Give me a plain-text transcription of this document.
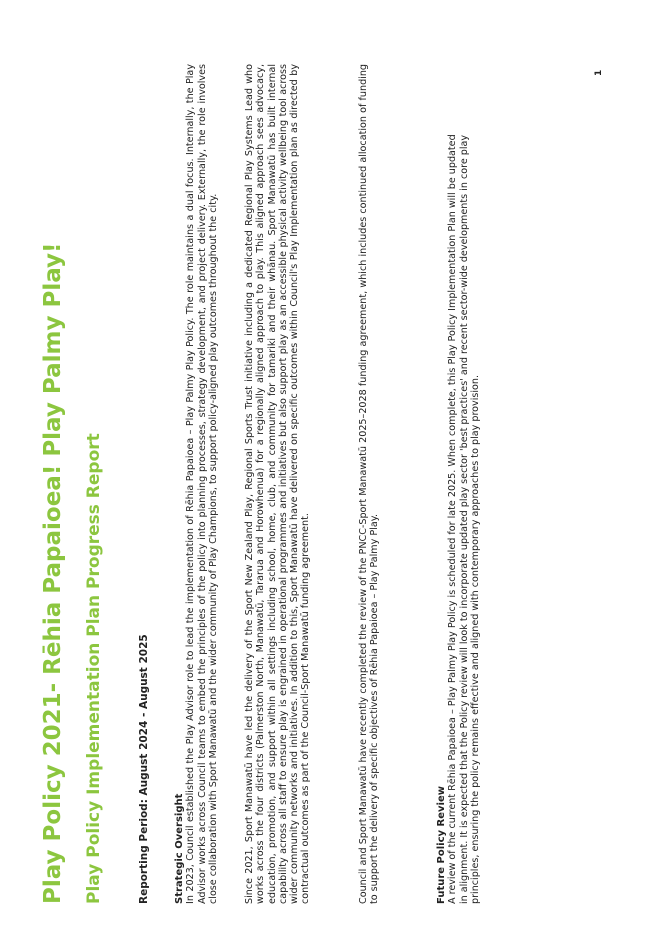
Play Policy 2021- Rēhia Papaioea! Play Palmy Play! Play Policy Implementation Plan Progress Report	Reporting Period: August 2024 - August 2025 Strategic Oversight In 2023, Council established the Play Advisor role to lead the implementation of Rēhia Papaioea – Play Palmy Play Policy. The role maintains a dual focus. Internally, the Play Advisor works across Council teams to embed the principles of the policy into planning processes, strategy development, and project delivery. Externally, the role involves close collaboration with Sport Manawatū and the wider community of Play Champions, to support policy-aligned play outcomes throughout the city.	Since 2021, Sport Manawatū have led the delivery of the Sport New Zealand Play, Regional Sports Trust initiative including a dedicated Regional Play Systems Lead who works across the four districts (Palmerston North, Manawatū, Tararua and Horowhenua) for a regionally aligned approach to play. This aligned approach sees advocacy, education, promotion, and support within all settings including school, home, club, and community for tamariki and their whānau. Sport Manawatū has built internal capability across all staff to ensure play is engrained in operational programmes and initiatives but also support play as an accessible physical activity wellbeing tool across wider community networks and initiatives. In addition to this, Sport Manawatū have delivered on specific outcomes within Council's Play Implementation plan as directed by contractual outcomes as part of the Council-Sport Manawatū funding agreement.	Council and Sport Manawatū have recently completed the review of the PNCC-Sport Manawatū 2025–2028 funding agreement, which includes continued allocation of funding to support the delivery of specific objectives of Rēhia Papaioea – Play Palmy Play.	Future Policy Review A review of the current Rēhia Papaioea – Play Palmy Play Policy is scheduled for late 2025. When complete, this Play Policy Implementation Plan will be updated in alignment. It is expected that the Policy review will look to incorporate updated play sector 'best practices' and recent sector-wide developments in core play principles, ensuring the policy remains effective and aligned with contemporary approaches to play provision.

1
